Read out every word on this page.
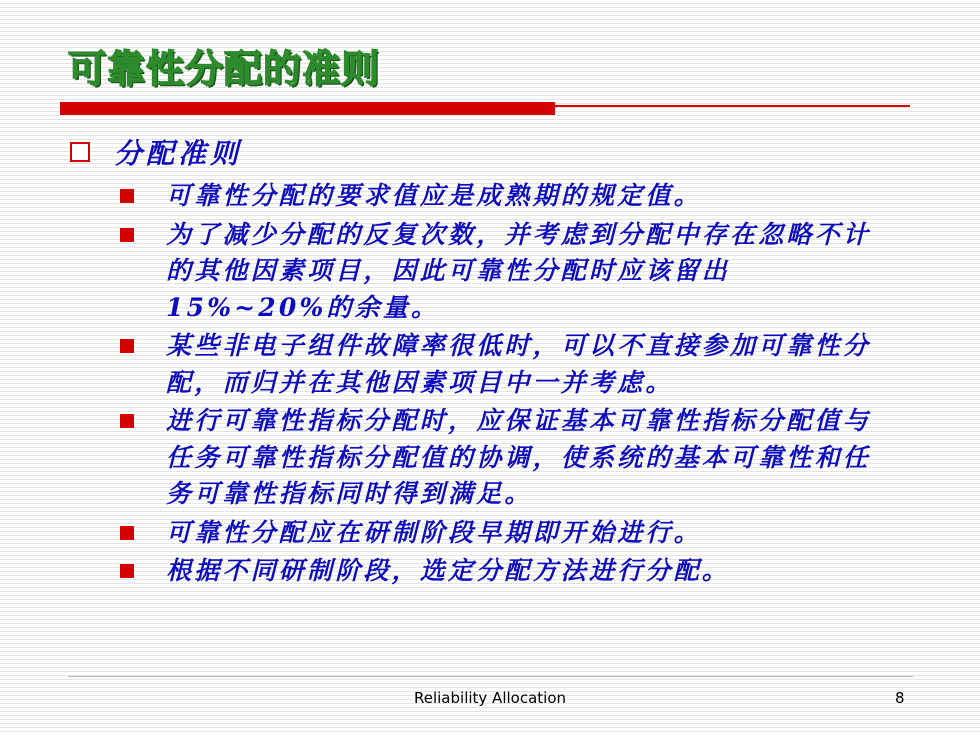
可靠性分配的准则
分配准则
可靠性分配的要求值应是成熟期的规定值。
为了减少分配的反复次数，并考虑到分配中存在忽略不计的其他因素项目，因此可靠性分配时应该留出15%~20%的余量。
某些非电子组件故障率很低时，可以不直接参加可靠性分配，而归并在其他因素项目中一并考虑。
进行可靠性指标分配时，应保证基本可靠性指标分配值与任务可靠性指标分配值的协调，使系统的基本可靠性和任务可靠性指标同时得到满足。
可靠性分配应在研制阶段早期即开始进行。
根据不同研制阶段，选定分配方法进行分配。
Reliability Allocation	8
